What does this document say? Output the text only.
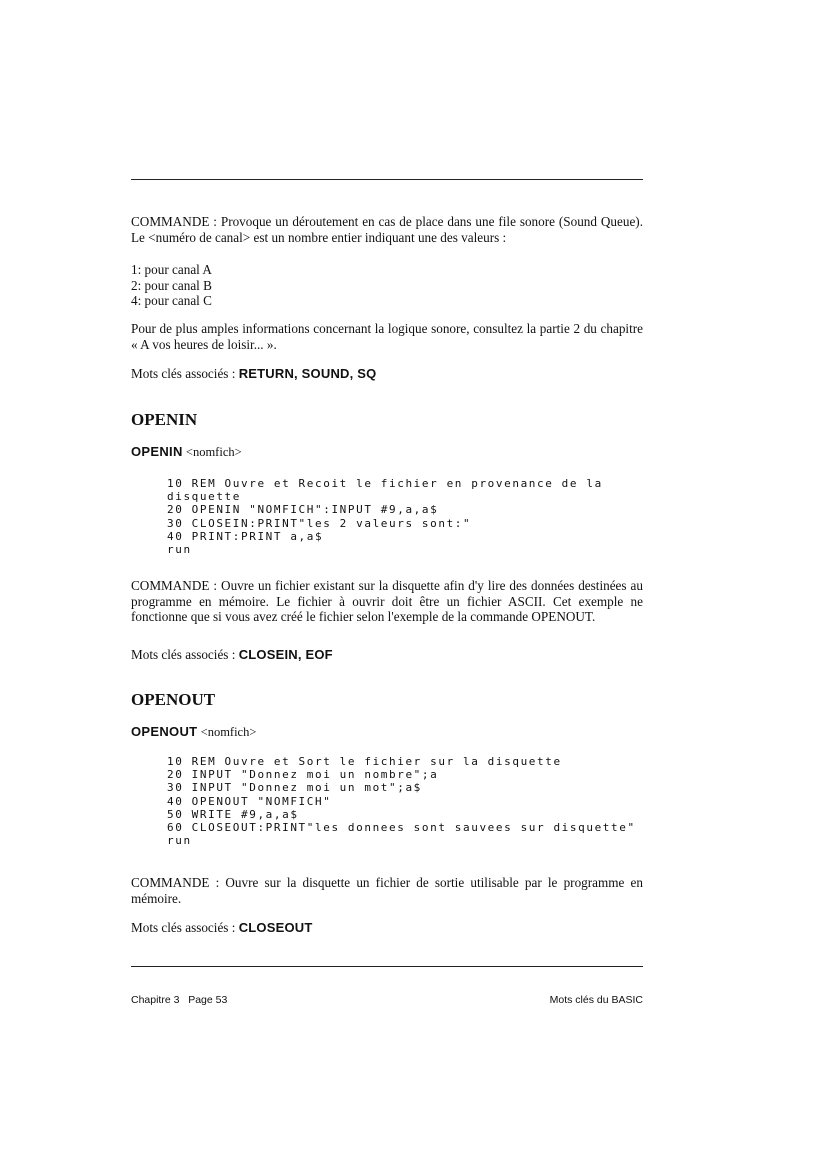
COMMANDE : Provoque un déroutement en cas de place dans une file sonore (Sound Queue). Le <numéro de canal> est un nombre entier indiquant une des valeurs :

1: pour canal A
2: pour canal B
4: pour canal C

Pour de plus amples informations concernant la logique sonore, consultez la partie 2 du chapitre « A vos heures de loisir... ».

Mots clés associés : RETURN, SOUND, SQ

OPENIN
OPENIN <nomfich>
10 REM Ouvre et Recoit le fichier en provenance de la
disquette
20 OPENIN "NOMFICH":INPUT #9,a,a$
30 CLOSEIN:PRINT"les 2 valeurs sont:"
40 PRINT:PRINT a,a$
run

COMMANDE : Ouvre un fichier existant sur la disquette afin d'y lire des données destinées au programme en mémoire. Le fichier à ouvrir doit être un fichier ASCII. Cet exemple ne fonctionne que si vous avez créé le fichier selon l'exemple de la commande OPENOUT.

Mots clés associés : CLOSEIN, EOF

OPENOUT
OPENOUT <nomfich>
10 REM Ouvre et Sort le fichier sur la disquette
20 INPUT "Donnez moi un nombre";a
30 INPUT "Donnez moi un mot";a$
40 OPENOUT "NOMFICH"
50 WRITE #9,a,a$
60 CLOSEOUT:PRINT"les donnees sont sauvees sur disquette"
run

COMMANDE : Ouvre sur la disquette un fichier de sortie utilisable par le programme en mémoire.

Mots clés associés : CLOSEOUT

Chapitre 3   Page 53	Mots clés du BASIC
